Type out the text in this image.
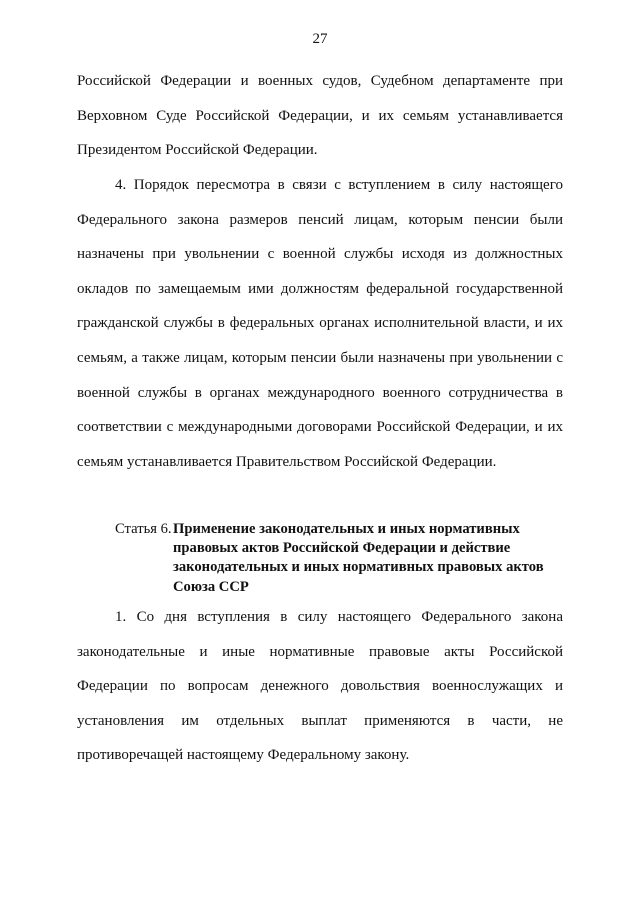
27
Российской Федерации и военных судов, Судебном департаменте при
Верховном Суде Российской Федерации, и их семьям устанавливается
Президентом Российской Федерации.
4. Порядок пересмотра в связи с вступлением в силу настоящего
Федерального закона размеров пенсий лицам, которым пенсии были
назначены при увольнении с военной службы исходя из должностных
окладов по замещаемым ими должностям федеральной государственной
гражданской службы в федеральных органах исполнительной власти, и их
семьям, а также лицам, которым пенсии были назначены при увольнении с
военной службы в органах международного военного сотрудничества в
соответствии с международными договорами Российской Федерации, и их
семьям устанавливается Правительством Российской Федерации.
Статья 6. Применение законодательных и иных нормативных
правовых актов Российской Федерации и действие
законодательных и иных нормативных правовых актов
Союза ССР
1. Со дня вступления в силу настоящего Федерального закона
законодательные и иные нормативные правовые акты Российской
Федерации по вопросам денежного довольствия военнослужащих и
установления им отдельных выплат применяются в части, не
противоречащей настоящему Федеральному закону.
